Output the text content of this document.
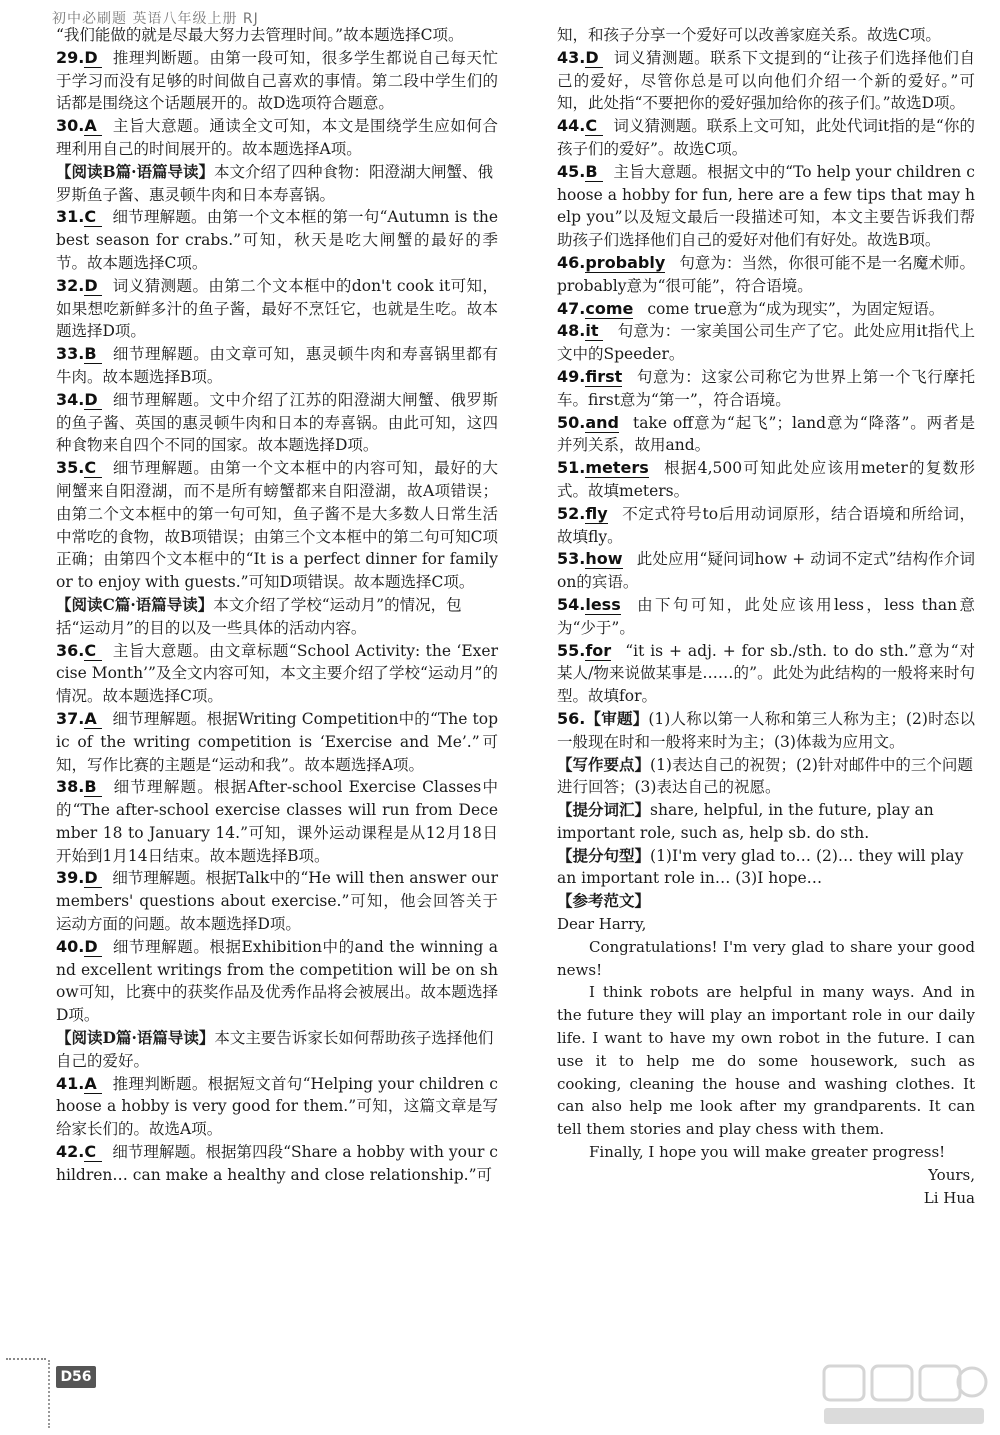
初中必刷题 英语八年级上册 RJ

“我们能做的就是尽最大努力去管理时间。”故本题选择C项。

29.D 推理判断题。由第一段可知，很多学生都说自己每天忙于学习而没有足够的时间做自己喜欢的事情。第二段中学生们的话都是围绕这个话题展开的。故D选项符合题意。

30.A 主旨大意题。通读全文可知，本文是围绕学生应如何合理利用自己的时间展开的。故本题选择A项。

【阅读B篇·语篇导读】本文介绍了四种食物：阳澄湖大闸蟹、俄罗斯鱼子酱、惠灵顿牛肉和日本寿喜锅。

31.C 细节理解题。由第一个文本框的第一句“Autumn is the best season for crabs.”可知，秋天是吃大闸蟹的最好的季节。故本题选择C项。

32.D 词义猜测题。由第二个文本框中的don't cook it可知，如果想吃新鲜多汁的鱼子酱，最好不烹饪它，也就是生吃。故本题选择D项。

33.B 细节理解题。由文章可知，惠灵顿牛肉和寿喜锅里都有牛肉。故本题选择B项。

34.D 细节理解题。文中介绍了江苏的阳澄湖大闸蟹、俄罗斯的鱼子酱、英国的惠灵顿牛肉和日本的寿喜锅。由此可知，这四种食物来自四个不同的国家。故本题选择D项。

35.C 细节理解题。由第一个文本框中的内容可知，最好的大闸蟹来自阳澄湖，而不是所有螃蟹都来自阳澄湖，故A项错误；由第二个文本框中的第一句可知，鱼子酱不是大多数人日常生活中常吃的食物，故B项错误；由第三个文本框中的第二句可知C项正确；由第四个文本框中的“It is a perfect dinner for family or to enjoy with guests.”可知D项错误。故本题选择C项。

【阅读C篇·语篇导读】本文介绍了学校“运动月”的情况，包括“运动月”的目的以及一些具体的活动内容。

36.C 主旨大意题。由文章标题“School Activity: the ‘Exercise Month’”及全文内容可知，本文主要介绍了学校“运动月”的情况。故本题选择C项。

37.A 细节理解题。根据Writing Competition中的“The topic of the writing competition is ‘Exercise and Me’.”可知，写作比赛的主题是“运动和我”。故本题选择A项。

38.B 细节理解题。根据After-school Exercise Classes中的“The after-school exercise classes will run from December 18 to January 14.”可知，课外运动课程是从12月18日开始到1月14日结束。故本题选择B项。

39.D 细节理解题。根据Talk中的“He will then answer our members' questions about exercise.”可知，他会回答关于运动方面的问题。故本题选择D项。

40.D 细节理解题。根据Exhibition中的and the winning and excellent writings from the competition will be on show可知，比赛中的获奖作品及优秀作品将会被展出。故本题选择D项。

【阅读D篇·语篇导读】本文主要告诉家长如何帮助孩子选择他们自己的爱好。

41.A 推理判断题。根据短文首句“Helping your children choose a hobby is very good for them.”可知，这篇文章是写给家长们的。故选A项。

42.C 细节理解题。根据第四段“Share a hobby with your children… can make a healthy and close relationship.”可

知，和孩子分享一个爱好可以改善家庭关系。故选C项。

43.D 词义猜测题。联系下文提到的“让孩子们选择他们自己的爱好，尽管你总是可以向他们介绍一个新的爱好。”可知，此处指“不要把你的爱好强加给你的孩子们。”故选D项。

44.C 词义猜测题。联系上文可知，此处代词it指的是“你的孩子们的爱好”。故选C项。

45.B 主旨大意题。根据文中的“To help your children choose a hobby for fun, here are a few tips that may help you”以及短文最后一段描述可知，本文主要告诉我们帮助孩子们选择他们自己的爱好对他们有好处。故选B项。

46.probably 句意为：当然，你很可能不是一名魔术师。probably意为“很可能”，符合语境。

47.come come true意为“成为现实”，为固定短语。

48.it 句意为：一家美国公司生产了它。此处应用it指代上文中的Speeder。

49.first 句意为：这家公司称它为世界上第一个飞行摩托车。first意为“第一”，符合语境。

50.and take off意为“起飞”；land意为“降落”。两者是并列关系，故用and。

51.meters 根据4,500可知此处应该用meter的复数形式。故填meters。

52.fly 不定式符号to后用动词原形，结合语境和所给词，故填fly。

53.how 此处应用“疑问词how + 动词不定式”结构作介词on的宾语。

54.less 由下句可知，此处应该用less，less than意为“少于”。

55.for “it is + adj. + for sb./sth. to do sth.”意为“对某人/物来说做某事是……的”。此处为此结构的一般将来时句型。故填for。

56.【审题】(1)人称以第一人称和第三人称为主；(2)时态以一般现在时和一般将来时为主；(3)体裁为应用文。

【写作要点】(1)表达自己的祝贺；(2)针对邮件中的三个问题进行回答；(3)表达自己的祝愿。

【提分词汇】share, helpful, in the future, play an important role, such as, help sb. do sth.

【提分句型】(1)I'm very glad to… (2)… they will play an important role in… (3)I hope…

【参考范文】

Dear Harry,

Congratulations! I'm very glad to share your good news!

I think robots are helpful in many ways. And in the future they will play an important role in our daily life. I want to have my own robot in the future. I can use it to help me do some housework, such as cooking, cleaning the house and washing clothes. It can also help me look after my grandparents. It can tell them stories and play chess with them.

Finally, I hope you will make greater progress!

Yours,

Li Hua

D56
